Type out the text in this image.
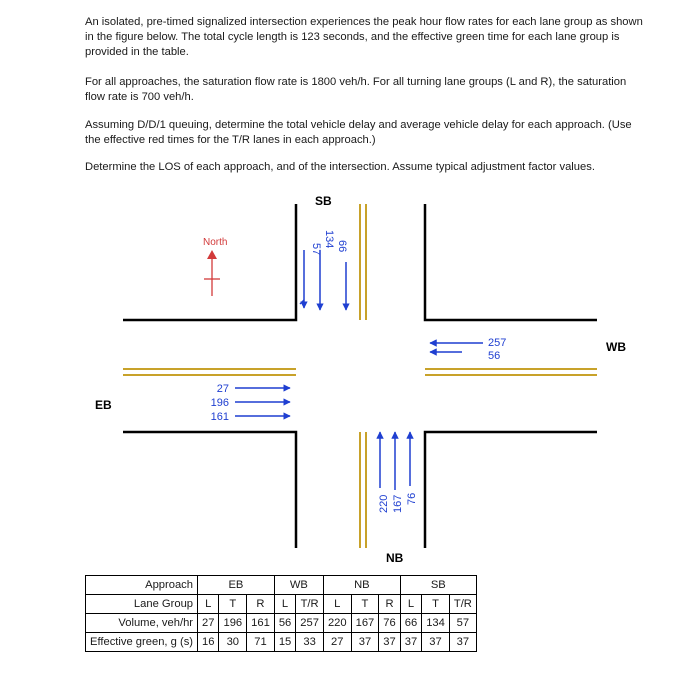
An isolated, pre-timed signalized intersection experiences the peak hour flow rates for each lane group as shown in the figure below. The total cycle length is 123 seconds, and the effective green time for each lane group is provided in the table.

For all approaches, the saturation flow rate is 1800 veh/h. For all turning lane groups (L and R), the saturation flow rate is 700 veh/h.

Assuming D/D/1 queuing, determine the total vehicle delay and average vehicle delay for each approach. (Use the effective red times for the T/R lanes in each approach.)

Determine the LOS of each approach, and of the intersection. Assume typical adjustment factor values.

North
SB
NB
EB
WB
57
134 66
220 167 76
27
196
161
257
56
Approach	EB			WB		NB			SB		
Lane Group	L	T	R	L	T/R	L	T	R	L	T	T/R
Volume, veh/hr	27	196	161	56	257	220	167	76	66	134	57
Effective green, g (s)	16	30	71	15	33	27	37	37	37	37	37
